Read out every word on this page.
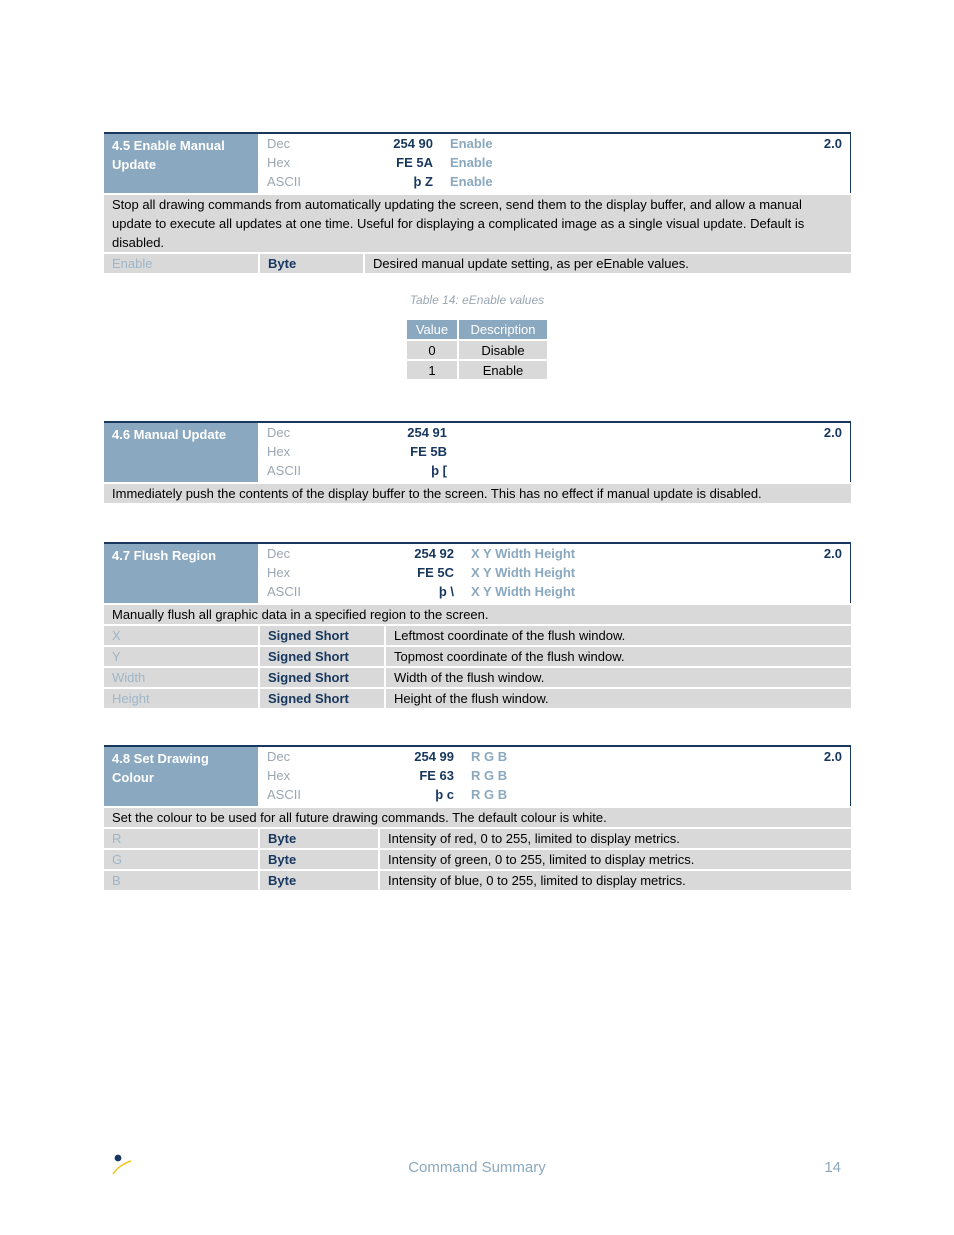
4.5 Enable Manual Update
Dec	254 90 Enable	2.0
Hex	FE 5A Enable
ASCII	þ Z Enable
Stop all drawing commands from automatically updating the screen, send them to the display buffer, and allow a manual update to execute all updates at one time. Useful for displaying a complicated image as a single visual update. Default is disabled.
Enable	Byte	Desired manual update setting, as per eEnable values.
Table 14: eEnable values
Value	Description
0	Disable
1	Enable
4.6 Manual Update	Dec	254 91	2.0
Hex	FE 5B
ASCII	þ [
Immediately push the contents of the display buffer to the screen. This has no effect if manual update is disabled.
4.7 Flush Region	Dec	254 92 X Y Width Height	2.0
Hex	FE 5C X Y Width Height
ASCII	þ \ X Y Width Height
Manually flush all graphic data in a specified region to the screen.
X	Signed Short	Leftmost coordinate of the flush window.
Y	Signed Short	Topmost coordinate of the flush window.
Width	Signed Short	Width of the flush window.
Height	Signed Short	Height of the flush window.
4.8 Set Drawing Colour
Dec	254 99 R G B	2.0
Hex	FE 63 R G B
ASCII	þ c R G B
Set the colour to be used for all future drawing commands. The default colour is white.
R	Byte	Intensity of red, 0 to 255, limited to display metrics.
G	Byte	Intensity of green, 0 to 255, limited to display metrics.
B	Byte	Intensity of blue, 0 to 255, limited to display metrics.
Command Summary	14
